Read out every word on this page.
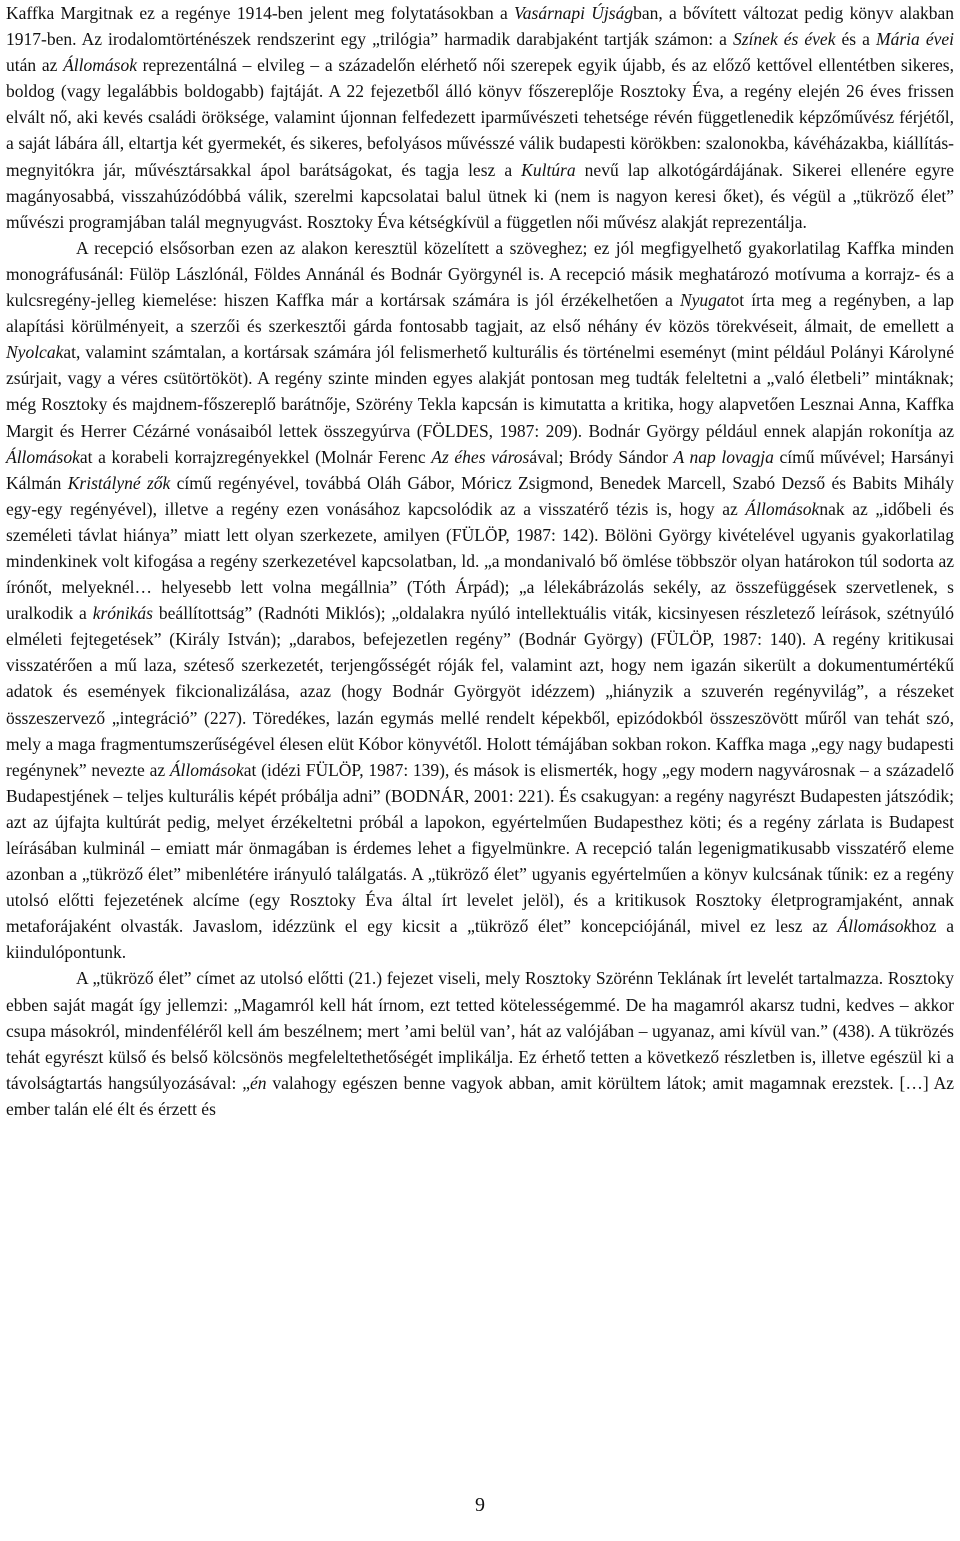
Kaffka Margitnak ez a regénye 1914-ben jelent meg folytatásokban a Vasárnapi Újságban, a bővített változat pedig könyv alakban 1917-ben. Az irodalomtörténészek rendszerint egy „trilógia” harmadik darabjaként tartják számon: a Színek és évek és a Mária évei után az Állomások reprezentálná – elvileg – a századelőn elérhető női szerepek egyik újabb, és az előző kettővel ellentétben sikeres, boldog (vagy legalábbis boldogabb) fajtáját. A 22 fejezetből álló könyv főszereplője Rosztoky Éva, a regény elején 26 éves frissen elvált nő, aki kevés családi öröksége, valamint újonnan felfedezett iparművészeti tehetsége révén függetlenedik képzőművész férjétől, a saját lábára áll, eltartja két gyermekét, és sikeres, befolyásos művésszé válik budapesti körökben: szalonokba, kávéházakba, kiállítás-megnyitókra jár, művésztársakkal ápol barátságokat, és tagja lesz a Kultúra nevű lap alkotógárdájának. Sikerei ellenére egyre magányosabbá, visszahúzódóbbá válik, szerelmi kapcsolatai balul ütnek ki (nem is nagyon keresi őket), és végül a „tükröző élet” művészi programjában talál megnyugvást. Rosztoky Éva kétségkívül a független női művész alakját reprezentálja.

A recepció elsősorban ezen az alakon keresztül közelített a szöveghez; ez jól megfigyelhető gyakorlatilag Kaffka minden monográfusánál: Fülöp Lászlónál, Földes Annánál és Bodnár Györgynél is. A recepció másik meghatározó motívuma a korrajz- és a kulcsregény-jelleg kiemelése: hiszen Kaffka már a kortársak számára is jól érzékelhetően a Nyugatot írta meg a regényben, a lap alapítási körülményeit, a szerzői és szerkesztői gárda fontosabb tagjait, az első néhány év közös törekvéseit, álmait, de emellett a Nyolcakat, valamint számtalan, a kortársak számára jól felismerhető kulturális és történelmi eseményt (mint például Polányi Károlyné zsúrjait, vagy a véres csütörtököt). A regény szinte minden egyes alakját pontosan meg tudták feleltetni a „való életbeli” mintáknak; még Rosztoky és majdnem-főszereplő barátnője, Szörény Tekla kapcsán is kimutatta a kritika, hogy alapvetően Lesznai Anna, Kaffka Margit és Herrer Cézárné vonásaiból lettek összegyúrva (FÖLDES, 1987: 209). Bodnár György például ennek alapján rokonítja az Állomásokat a korabeli korrajzregényekkel (Molnár Ferenc Az éhes városával; Bródy Sándor A nap lovagja című művével; Harsányi Kálmán Kristályné zők című regényével, továbbá Oláh Gábor, Móricz Zsigmond, Benedek Marcell, Szabó Dezső és Babits Mihály egy-egy regényével), illetve a regény ezen vonásához kapcsolódik az a visszatérő tézis is, hogy az Állomásoknak az „időbeli és személeti távlat hiánya” miatt lett olyan szerkezete, amilyen (FÜLÖP, 1987: 142). Bölöni György kivételével ugyanis gyakorlatilag mindenkinek volt kifogása a regény szerkezetével kapcsolatban, ld. „a mondanivaló bő ömlése többször olyan határokon túl sodorta az írónőt, melyeknél… helyesebb lett volna megállnia” (Tóth Árpád); „a lélekábrázolás sekély, az összefüggések szervetlenek, s uralkodik a krónikás beállítottság” (Radnóti Miklós); „oldalakra nyúló intellektuális viták, kicsinyesen részletező leírások, szétnyúló elméleti fejtegetések” (Király István); „darabos, befejezetlen regény” (Bodnár György) (FÜLÖP, 1987: 140). A regény kritikusai visszatérően a mű laza, széteső szerkezetét, terjengősségét róják fel, valamint azt, hogy nem igazán sikerült a dokumentumértékű adatok és események fikcionalizálása, azaz (hogy Bodnár Györgyöt idézzem) „hiányzik a szuverén regényvilág”, a részeket összeszervező „integráció” (227). Töredékes, lazán egymás mellé rendelt képekből, epizódokból összeszövött műről van tehát szó, mely a maga fragmentumszerűségével élesen elüt Kóbor könyvétől. Holott témájában sokban rokon. Kaffka maga „egy nagy budapesti regénynek” nevezte az Állomásokat (idézi FÜLÖP, 1987: 139), és mások is elismerték, hogy „egy modern nagyvárosnak – a századelő Budapestjének – teljes kulturális képét próbálja adni” (BODNÁR, 2001: 221). És csakugyan: a regény nagyrészt Budapesten játszódik; azt az újfajta kultúrát pedig, melyet érzékeltetni próbál a lapokon, egyértelműen Budapesthez köti; és a regény zárlata is Budapest leírásában kulminál – emiatt már önmagában is érdemes lehet a figyelmünkre. A recepció talán legenigmatikusabb visszatérő eleme azonban a „tükröző élet” mibenlétére irányuló találgatás. A „tükröző élet” ugyanis egyértelműen a könyv kulcsának tűnik: ez a regény utolsó előtti fejezetének alcíme (egy Rosztoky Éva által írt levelet jelöl), és a kritikusok Rosztoky életprogramjaként, annak metaforájaként olvasták. Javaslom, idézzünk el egy kicsit a „tükröző élet” koncepciójánál, mivel ez lesz az Állomásokhoz a kiindulópontunk.

A „tükröző élet” címet az utolsó előtti (21.) fejezet viseli, mely Rosztoky Szörénn Teklának írt levelét tartalmazza. Rosztoky ebben saját magát így jellemzi: „Magamról kell hát írnom, ezt tetted kötelességemmé. De ha magamról akarsz tudni, kedves – akkor csupa másokról, mindenféléről kell ám beszélnem; mert ’ami belül van’, hát az valójában – ugyanaz, ami kívül van.” (438). A tükrözés tehát egyrészt külső és belső kölcsönös megfeleltethetőségét implikálja. Ez érhető tetten a következő részletben is, illetve egészül ki a távolságtartás hangsúlyozásával: „én valahogy egészen benne vagyok abban, amit körültem látok; amit magamnak erezstek. […] Az ember talán elé élt és érzett és

9
